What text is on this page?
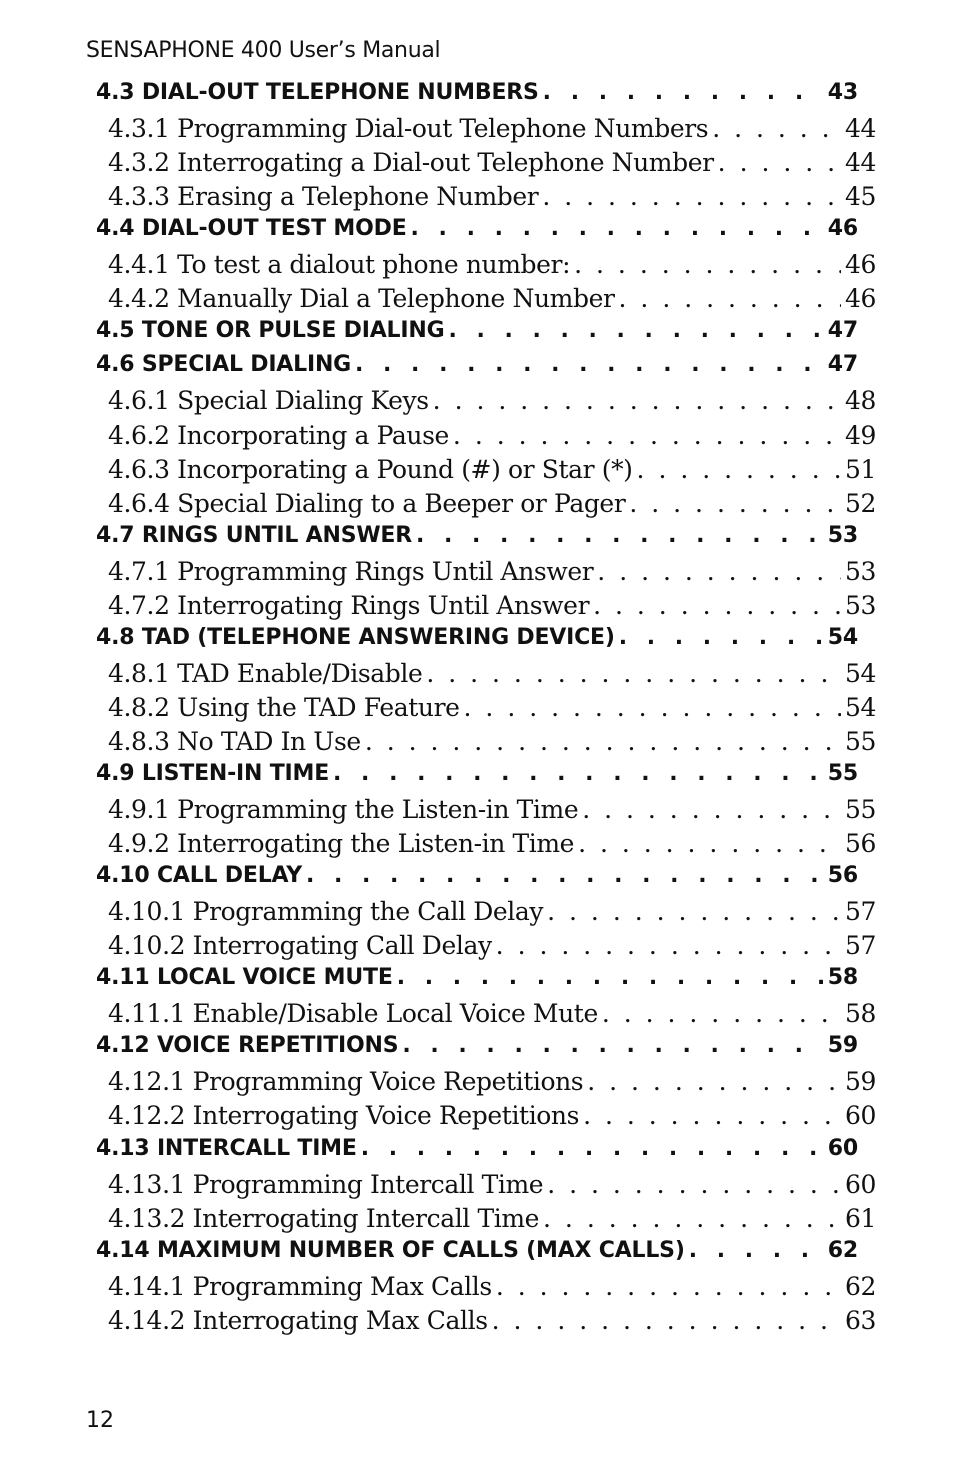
SENSAPHONE 400 User’s Manual
4.3 DIAL-OUT TELEPHONE NUMBERS . . .	43
4.3.1 Programming Dial-out Telephone Numbers . . .	44
4.3.2 Interrogating a Dial-out Telephone Number . . .	44
4.3.3 Erasing a Telephone Number . . .	45
4.4 DIAL-OUT TEST MODE . . .	46
4.4.1 To test a dialout phone number: . . .	46
4.4.2 Manually Dial a Telephone Number . . .	46
4.5 TONE OR PULSE DIALING . . .	47
4.6 SPECIAL DIALING . . .	47
4.6.1 Special Dialing Keys . . .	48
4.6.2 Incorporating a Pause . . .	49
4.6.3 Incorporating a Pound (#) or Star (*) . . .	51
4.6.4 Special Dialing to a Beeper or Pager . . .	52
4.7 RINGS UNTIL ANSWER . . .	53
4.7.1 Programming Rings Until Answer . . .	53
4.7.2 Interrogating Rings Until Answer . . .	53
4.8 TAD (TELEPHONE ANSWERING DEVICE) . . .	54
4.8.1 TAD Enable/Disable . . .	54
4.8.2 Using the TAD Feature . . .	54
4.8.3 No TAD In Use . . .	55
4.9 LISTEN-IN TIME . . .	55
4.9.1 Programming the Listen-in Time . . .	55
4.9.2 Interrogating the Listen-in Time . . .	56
4.10 CALL DELAY . . .	56
4.10.1 Programming the Call Delay . . .	57
4.10.2 Interrogating Call Delay . . .	57
4.11 LOCAL VOICE MUTE . . .	58
4.11.1 Enable/Disable Local Voice Mute . . .	58
4.12 VOICE REPETITIONS . . .	59
4.12.1 Programming Voice Repetitions . . .	59
4.12.2 Interrogating Voice Repetitions . . .	60
4.13 INTERCALL TIME . . .	60
4.13.1 Programming Intercall Time . . .	60
4.13.2 Interrogating Intercall Time . . .	61
4.14 MAXIMUM NUMBER OF CALLS (MAX CALLS) . . .	62
4.14.1 Programming Max Calls . . .	62
4.14.2 Interrogating Max Calls . . .	63
12
